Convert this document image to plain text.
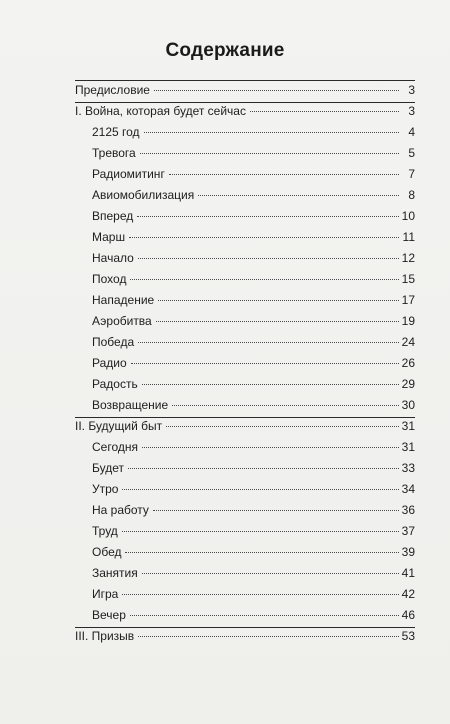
Содержание
Предисловие	3
I. Война, которая будет сейчас	3
2125 год	4
Тревога	5
Радиомитинг	7
Авиомобилизация	8
Вперед	10
Марш	11
Начало	12
Поход	15
Нападение	17
Аэробитва	19
Победа	24
Радио	26
Радость	29
Возвращение	30
II. Будущий быт	31
Сегодня	31
Будет	33
Утро	34
На работу	36
Труд	37
Обед	39
Занятия	41
Игра	42
Вечер	46
III. Призыв	53
